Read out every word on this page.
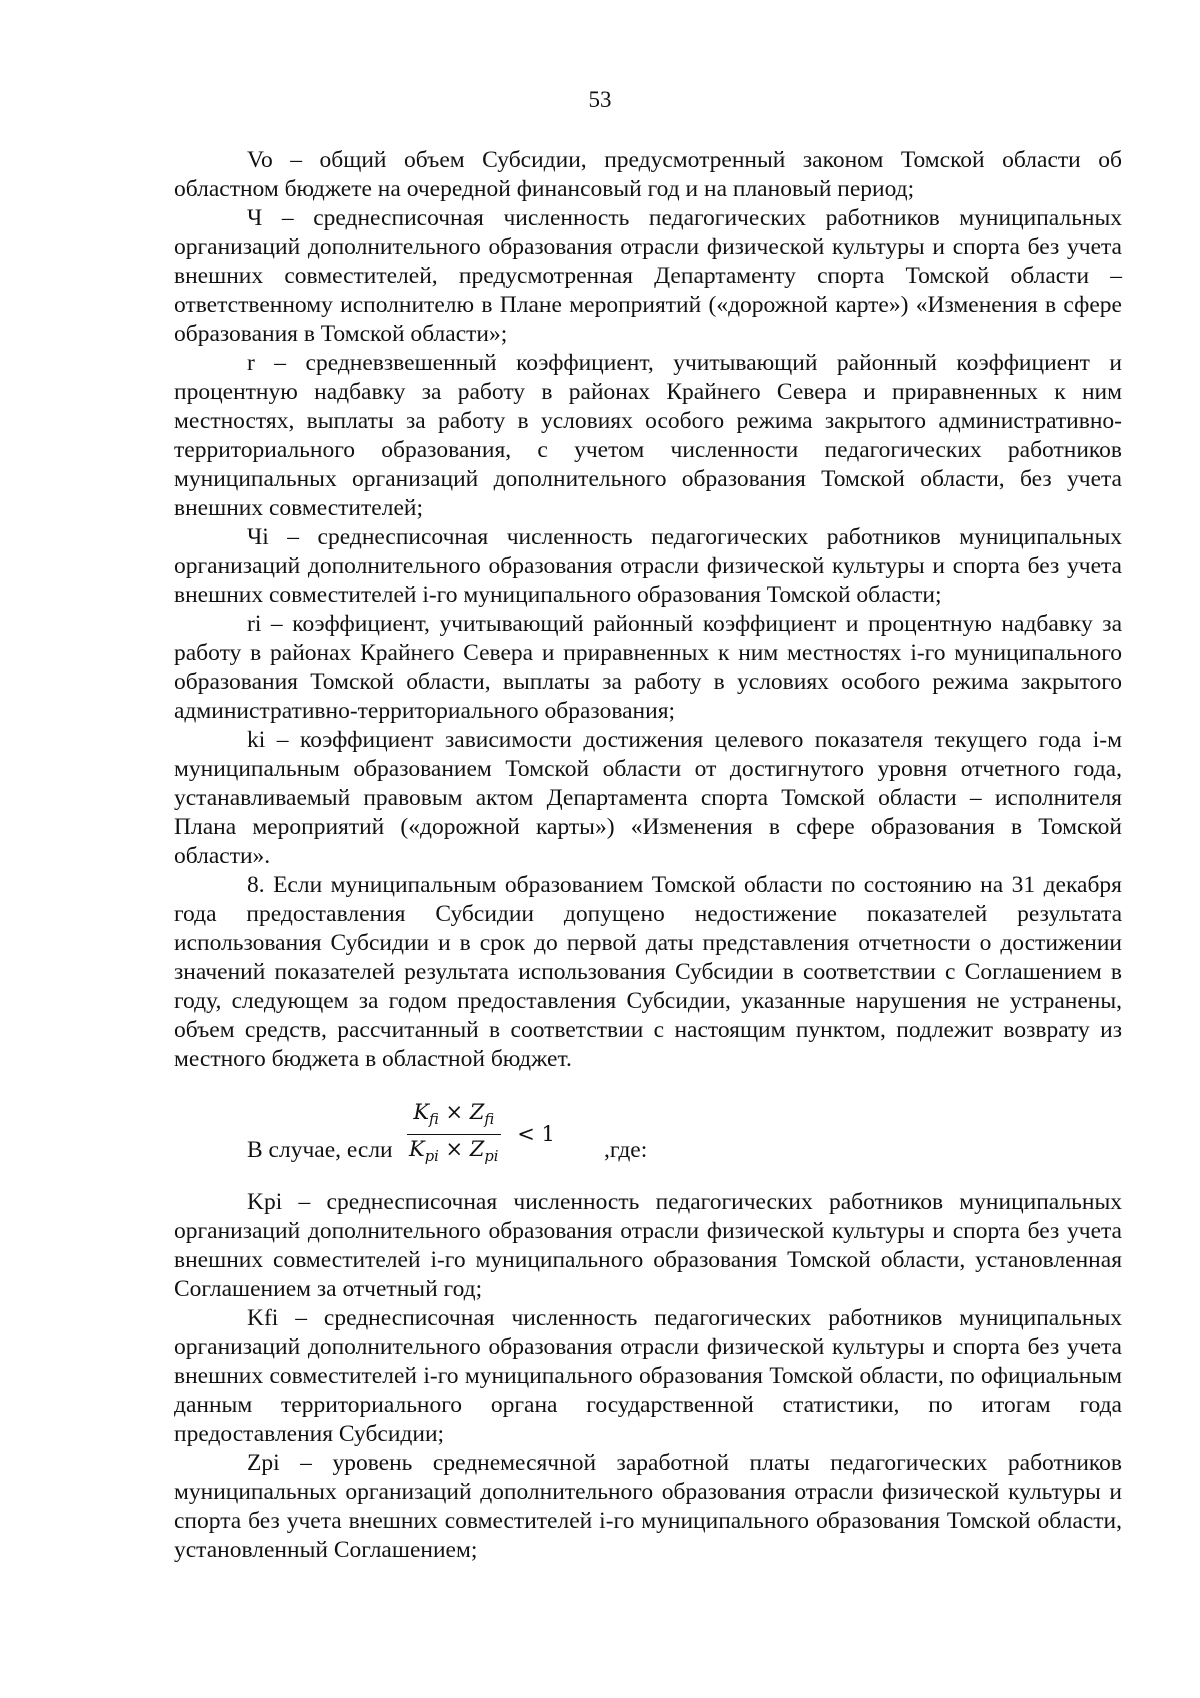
53

Vo – общий объем Субсидии, предусмотренный законом Томской области об областном бюджете на очередной финансовый год и на плановый период;

Ч – среднесписочная численность педагогических работников муниципальных организаций дополнительного образования отрасли физической культуры и спорта без учета внешних совместителей, предусмотренная Департаменту спорта Томской области – ответственному исполнителю в Плане мероприятий («дорожной карте») «Изменения в сфере образования в Томской области»;

r – средневзвешенный коэффициент, учитывающий районный коэффициент и процентную надбавку за работу в районах Крайнего Севера и приравненных к ним местностях, выплаты за работу в условиях особого режима закрытого административно-территориального образования, с учетом численности педагогических работников муниципальных организаций дополнительного образования Томской области, без учета внешних совместителей;

Чi – среднесписочная численность педагогических работников муниципальных организаций дополнительного образования отрасли физической культуры и спорта без учета внешних совместителей i-го муниципального образования Томской области;

ri – коэффициент, учитывающий районный коэффициент и процентную надбавку за работу в районах Крайнего Севера и приравненных к ним местностях i-го муниципального образования Томской области, выплаты за работу в условиях особого режима закрытого административно-территориального образования;

ki – коэффициент зависимости достижения целевого показателя текущего года i-м муниципальным образованием Томской области от достигнутого уровня отчетного года, устанавливаемый правовым актом Департамента спорта Томской области – исполнителя Плана мероприятий («дорожной карты») «Изменения в сфере образования в Томской области».

8. Если муниципальным образованием Томской области по состоянию на 31 декабря года предоставления Субсидии допущено недостижение показателей результата использования Субсидии и в срок до первой даты представления отчетности о достижении значений показателей результата использования Субсидии в соответствии с Соглашением в году, следующем за годом предоставления Субсидии, указанные нарушения не устранены, объем средств, рассчитанный в соответствии с настоящим пунктом, подлежит возврату из местного бюджета в областной бюджет.

В случае, если $\frac{K_{fi} \times Z_{fi}}{K_{pi} \times Z_{pi}} < 1$
,где:

Kpi – среднесписочная численность педагогических работников муниципальных организаций дополнительного образования отрасли физической культуры и спорта без учета внешних совместителей i-го муниципального образования Томской области, установленная Соглашением за отчетный год;

Kfi – среднесписочная численность педагогических работников муниципальных организаций дополнительного образования отрасли физической культуры и спорта без учета внешних совместителей i-го муниципального образования Томской области, по официальным данным территориального органа государственной статистики, по итогам года предоставления Субсидии;

Zpi – уровень среднемесячной заработной платы педагогических работников муниципальных организаций дополнительного образования отрасли физической культуры и спорта без учета внешних совместителей i-го муниципального образования Томской области, установленный Соглашением;
